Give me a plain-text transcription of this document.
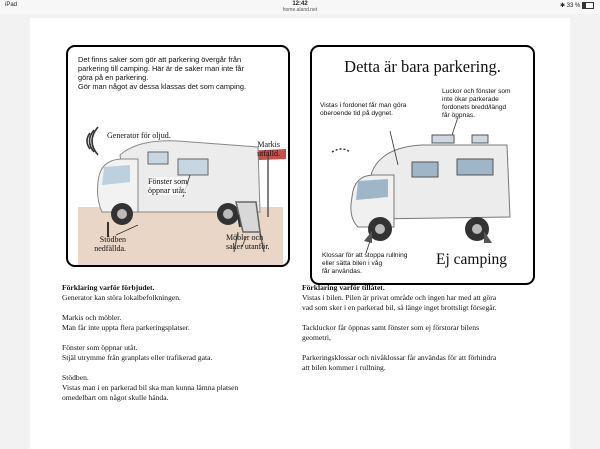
iPad	12:42	✱ 33 %
home.aland.net
Det finns saker som gör att parkering övergår från
parkering till camping. Här är de saker man inte får
göra på en parkering.
Gör man något av dessa klassas det som camping.
Generator för oljud.
Markis
utfälld.
Fönster som
öppnar utåt.
Stödben
nedfällda.
Möbler och
saker utanför.
Detta är bara parkering.
Vistas i fordonet får man göra
oberoende tid på dygnet.
Luckor och fönster som
inte ökar parkerade
fordonets bredd/längd
får öppnas.
Klossar för att stoppa rullning
eller sätta bilen i våg
får användas.
Ej camping

Förklaring varför förbjudet.

Generator kan störa lokalbefolkningen.

Markis och möbler.
Man får inte uppta flera parkeringsplatser.

Fönster som öppnar utåt.
Stjäl utrymme från granplats eller trafikerad gata.

Stödben.
Vistas man i en parkerad bil ska man kunna lämna platsen
omedelbart om något skulle hända.

Förklaring varför tillåtet.

Vistas i bilen. Pilen är privat område och ingen har med att göra
vad som sker i en parkerad bil, så länge inget brottsligt försegår.

Tackluckor får öppnas samt fönster som ej förstorar bilens
geometri,

Parkeringsklossar och nivåklossar får användas för att förhindra
att bilen kommer i rullning.
